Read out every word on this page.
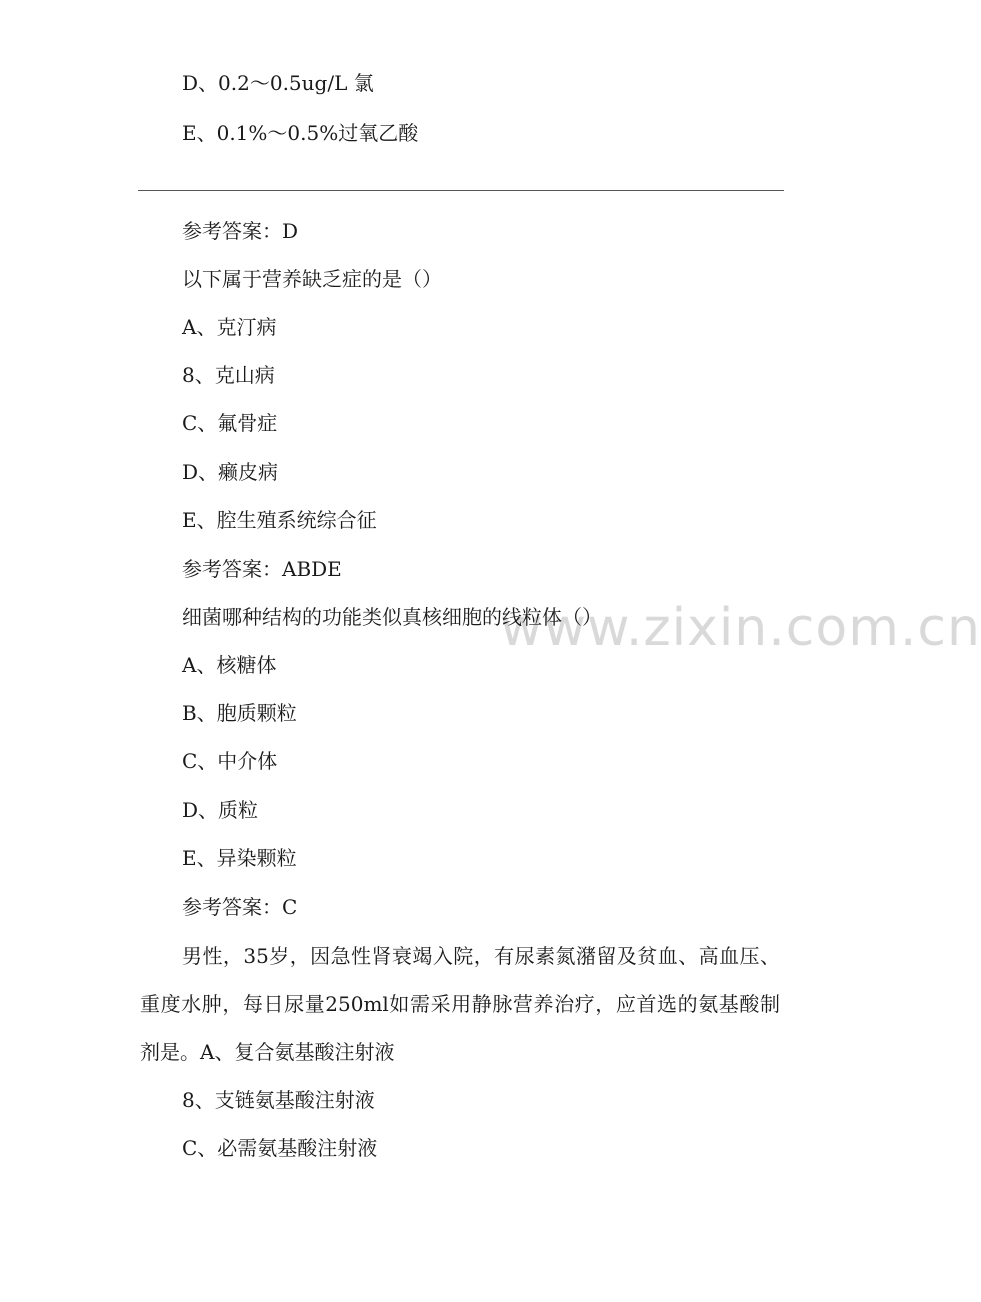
www.zixin.com.cn
D、0.2～0.5ug/L 氯
E、0.1%～0.5%过氧乙酸
参考答案：D
以下属于营养缺乏症的是（）
A、克汀病
8、克山病
C、氟骨症
D、癞皮病
E、腔生殖系统综合征
参考答案：ABDE
细菌哪种结构的功能类似真核细胞的线粒体（）
A、核糖体
B、胞质颗粒
C、中介体
D、质粒
E、异染颗粒
参考答案：C
男性，35岁，因急性肾衰竭入院，有尿素氮潴留及贫血、高血压、重度水肿，每日尿量250ml如需采用静脉营养治疗，应首选的氨基酸制剂是。A、复合氨基酸注射液
8、支链氨基酸注射液
C、必需氨基酸注射液
